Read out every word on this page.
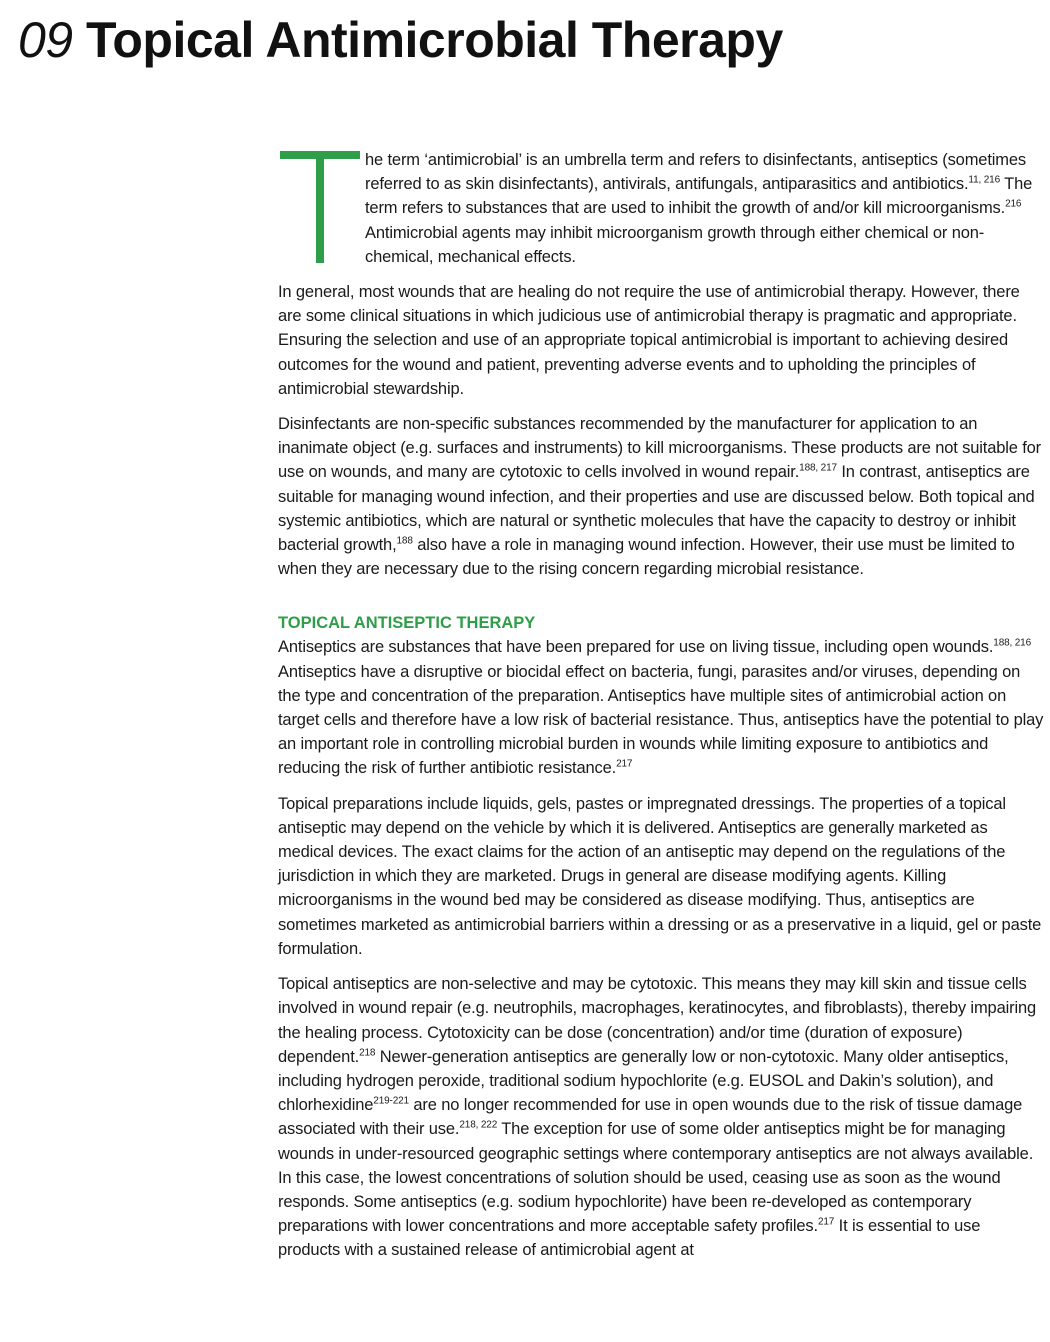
09 Topical Antimicrobial Therapy

he term ‘antimicrobial’ is an umbrella term and refers to disinfectants, antiseptics (sometimes referred to as skin disinfectants), antivirals, antifungals, antiparasitics and antibiotics.$^{11, 216}$ The term refers to substances that are used to inhibit the growth of and/or kill microorganisms.$^{216}$ Antimicrobial agents may inhibit microorganism growth through either chemical or non-chemical, mechanical effects.

In general, most wounds that are healing do not require the use of antimicrobial therapy. However, there are some clinical situations in which judicious use of antimicrobial therapy is pragmatic and appropriate. Ensuring the selection and use of an appropriate topical antimicrobial is important to achieving desired outcomes for the wound and patient, preventing adverse events and to upholding the principles of antimicrobial stewardship.

Disinfectants are non-specific substances recommended by the manufacturer for application to an inanimate object (e.g. surfaces and instruments) to kill microorganisms. These products are not suitable for use on wounds, and many are cytotoxic to cells involved in wound repair.$^{188, 217}$ In contrast, antiseptics are suitable for managing wound infection, and their properties and use are discussed below. Both topical and systemic antibiotics, which are natural or synthetic molecules that have the capacity to destroy or inhibit bacterial growth,$^{188}$ also have a role in managing wound infection. However, their use must be limited to when they are necessary due to the rising concern regarding microbial resistance.

TOPICAL ANTISEPTIC THERAPY

Antiseptics are substances that have been prepared for use on living tissue, including open wounds.$^{188, 216}$ Antiseptics have a disruptive or biocidal effect on bacteria, fungi, parasites and/or viruses, depending on the type and concentration of the preparation. Antiseptics have multiple sites of antimicrobial action on target cells and therefore have a low risk of bacterial resistance. Thus, antiseptics have the potential to play an important role in controlling microbial burden in wounds while limiting exposure to antibiotics and reducing the risk of further antibiotic resistance.$^{217}$

Topical preparations include liquids, gels, pastes or impregnated dressings. The properties of a topical antiseptic may depend on the vehicle by which it is delivered. Antiseptics are generally marketed as medical devices. The exact claims for the action of an antiseptic may depend on the regulations of the jurisdiction in which they are marketed. Drugs in general are disease modifying agents. Killing microorganisms in the wound bed may be considered as disease modifying. Thus, antiseptics are sometimes marketed as antimicrobial barriers within a dressing or as a preservative in a liquid, gel or paste formulation.

Topical antiseptics are non-selective and may be cytotoxic. This means they may kill skin and tissue cells involved in wound repair (e.g. neutrophils, macrophages, keratinocytes, and fibroblasts), thereby impairing the healing process. Cytotoxicity can be dose (concentration) and/or time (duration of exposure) dependent.$^{218}$ Newer-generation antiseptics are generally low or non-cytotoxic. Many older antiseptics, including hydrogen peroxide, traditional sodium hypochlorite (e.g. EUSOL and Dakin’s solution), and chlorhexidine$^{219-221}$ are no longer recommended for use in open wounds due to the risk of tissue damage associated with their use.$^{218, 222}$ The exception for use of some older antiseptics might be for managing wounds in under-resourced geographic settings where contemporary antiseptics are not always available. In this case, the lowest concentrations of solution should be used, ceasing use as soon as the wound responds. Some antiseptics (e.g. sodium hypochlorite) have been re-developed as contemporary preparations with lower concentrations and more acceptable safety profiles.$^{217}$ It is essential to use products with a sustained release of antimicrobial agent at
